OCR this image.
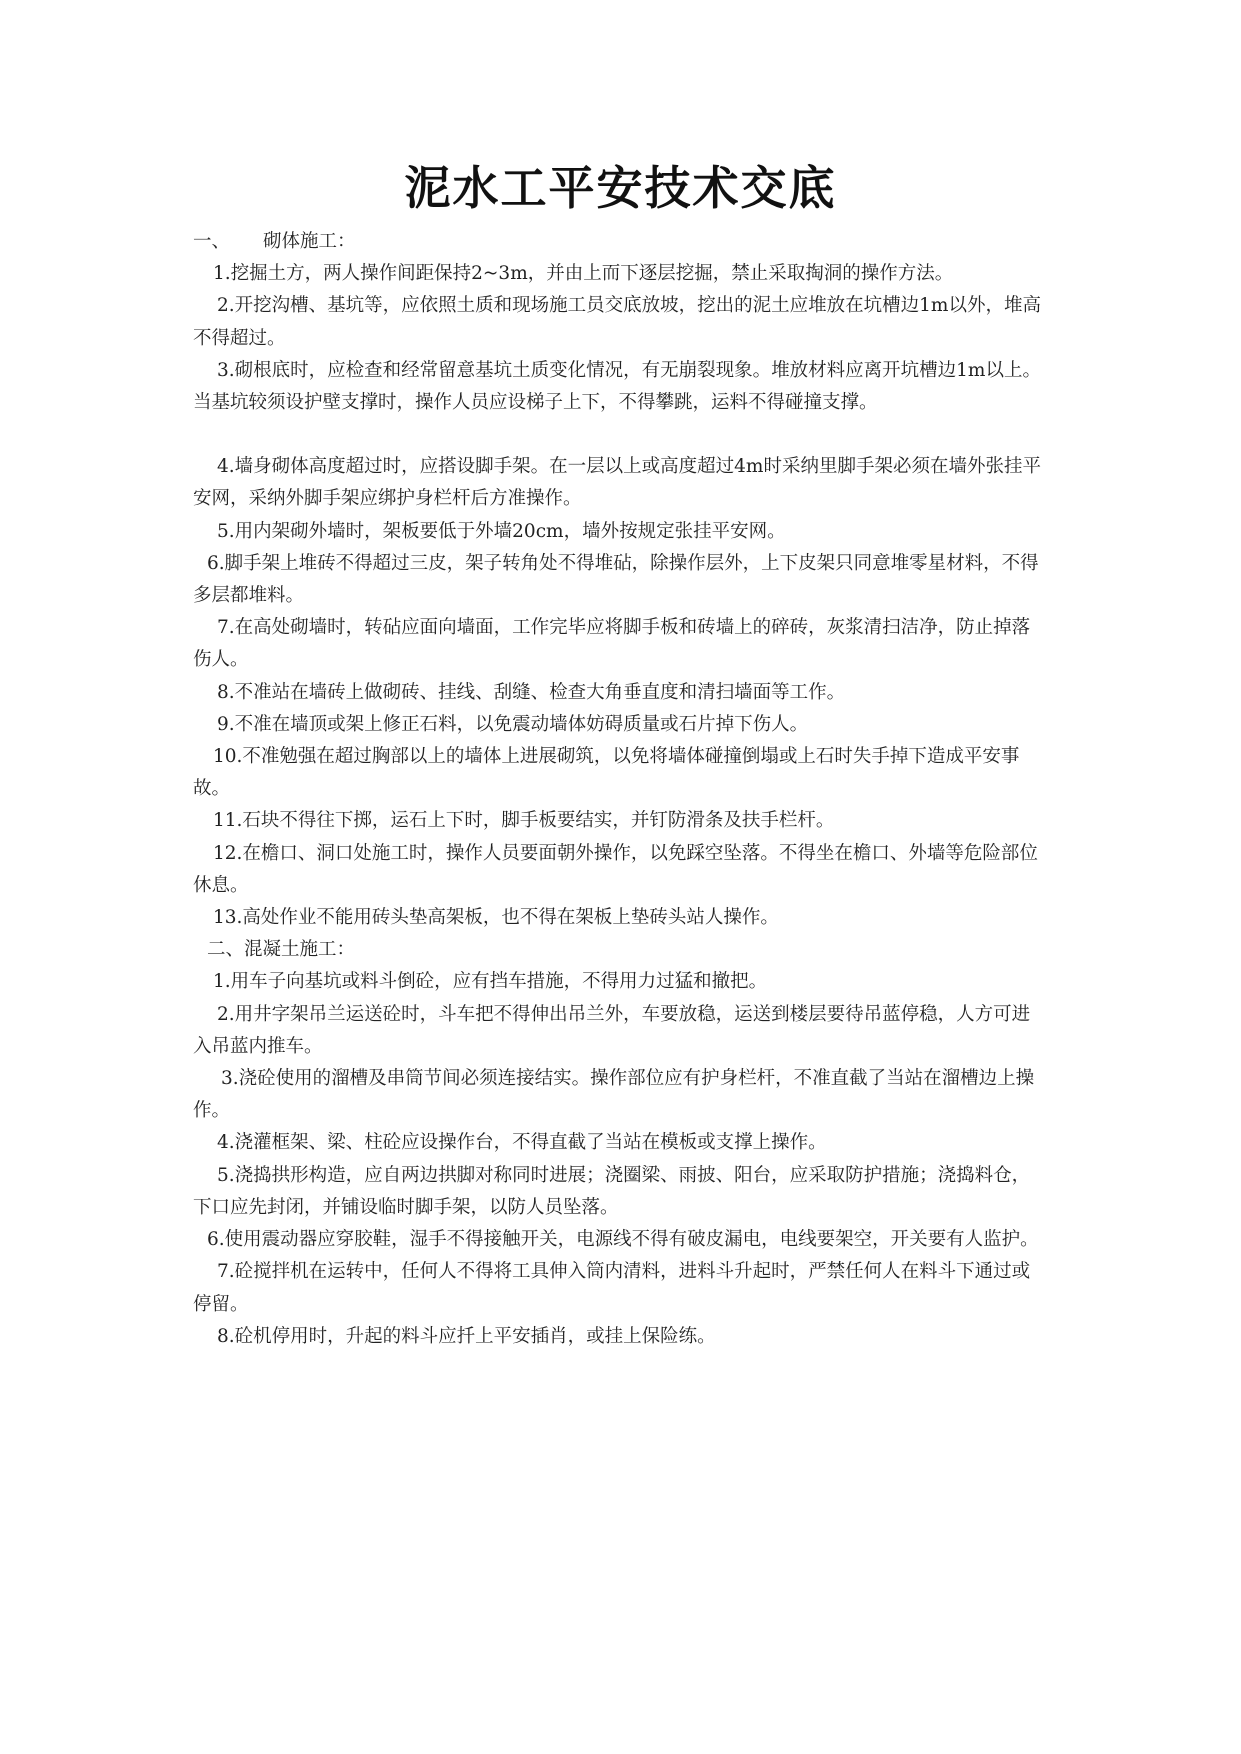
泥水工平安技术交底
一、	砌体施工：

1.挖掘土方，两人操作间距保持2~3m，并由上而下逐层挖掘，禁止采取掏洞的操作方法。

2.开挖沟槽、基坑等，应依照土质和现场施工员交底放坡，挖出的泥土应堆放在坑槽边1m以外，堆高不得超过。

3.砌根底时，应检查和经常留意基坑土质变化情况，有无崩裂现象。堆放材料应离开坑槽边1m以上。当基坑较须设护壁支撑时，操作人员应设梯子上下，不得攀跳，运料不得碰撞支撑。

4.墙身砌体高度超过时，应搭设脚手架。在一层以上或高度超过4m时采纳里脚手架必须在墙外张挂平安网，采纳外脚手架应绑护身栏杆后方准操作。

5.用内架砌外墙时，架板要低于外墙20cm，墙外按规定张挂平安网。

6.脚手架上堆砖不得超过三皮，架子转角处不得堆砧，除操作层外，上下皮架只同意堆零星材料，不得多层都堆料。

7.在高处砌墙时，转砧应面向墙面，工作完毕应将脚手板和砖墙上的碎砖，灰浆清扫洁净，防止掉落伤人。

8.不准站在墙砖上做砌砖、挂线、刮缝、检查大角垂直度和清扫墙面等工作。

9.不准在墙顶或架上修正石料，以免震动墙体妨碍质量或石片掉下伤人。

10.不准勉强在超过胸部以上的墙体上进展砌筑，以免将墙体碰撞倒塌或上石时失手掉下造成平安事故。

11.石块不得往下掷，运石上下时，脚手板要结实，并钉防滑条及扶手栏杆。

12.在檐口、洞口处施工时，操作人员要面朝外操作，以免踩空坠落。不得坐在檐口、外墙等危险部位休息。

13.高处作业不能用砖头垫高架板，也不得在架板上垫砖头站人操作。

二、混凝土施工：

1.用车子向基坑或料斗倒砼，应有挡车措施，不得用力过猛和撤把。

2.用井字架吊兰运送砼时，斗车把不得伸出吊兰外，车要放稳，运送到楼层要待吊蓝停稳，人方可进入吊蓝内推车。

3.浇砼使用的溜槽及串筒节间必须连接结实。操作部位应有护身栏杆，不准直截了当站在溜槽边上操作。

4.浇灌框架、梁、柱砼应设操作台，不得直截了当站在模板或支撑上操作。

5.浇捣拱形构造，应自两边拱脚对称同时进展；浇圈梁、雨披、阳台，应采取防护措施；浇捣料仓，下口应先封闭，并铺设临时脚手架，以防人员坠落。

6.使用震动器应穿胶鞋，湿手不得接触开关，电源线不得有破皮漏电，电线要架空，开关要有人监护。

7.砼搅拌机在运转中，任何人不得将工具伸入筒内清料，进料斗升起时，严禁任何人在料斗下通过或停留。

8.砼机停用时，升起的料斗应扦上平安插肖，或挂上保险练。
